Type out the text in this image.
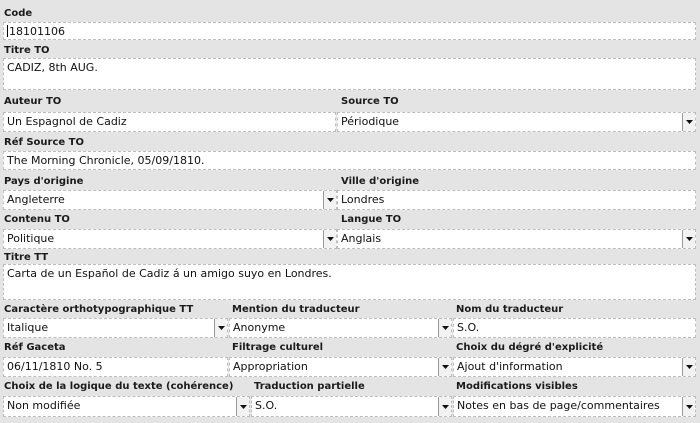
Code
18101106
Titre TO
CADIZ, 8th AUG.
Auteur TO
Un Espagnol de Cadiz
Source TO
Périodique
Réf Source TO
The Morning Chronicle, 05/09/1810.
Pays d'origine
Angleterre
Ville d'origine
Londres
Contenu TO
Politique
Langue TO
Anglais
Titre TT
Carta de un Español de Cadiz á un amigo suyo en Londres.
Caractère orthotypographique TT
Italique
Mention du traducteur
Anonyme
Nom du traducteur
S.O.
Réf Gaceta
06/11/1810 No. 5
Filtrage culturel
Appropriation
Choix du dégré d'explicité
Ajout d'information
Choix de la logique du texte (cohérence)
Non modifiée
Traduction partielle
S.O.
Modifications visibles
Notes en bas de page/commentaires
